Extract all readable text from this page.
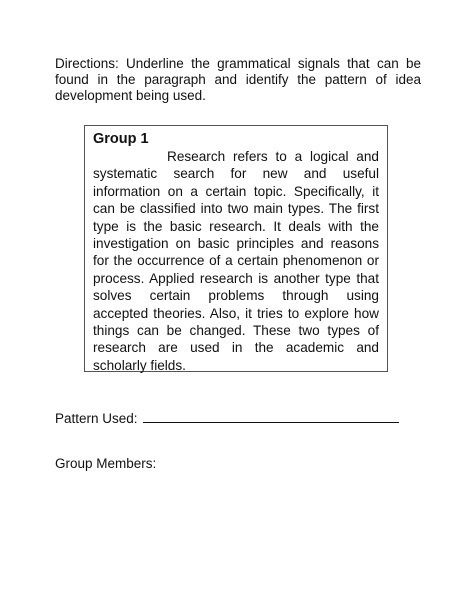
Directions: Underline the grammatical signals that can be found in the paragraph and identify the pattern of idea development being used.

Group 1

Research refers to a logical and systematic search for new and useful information on a certain topic. Specifically, it can be classified into two main types. The first type is the basic research. It deals with the investigation on basic principles and reasons for the occurrence of a certain phenomenon or process. Applied research is another type that solves certain problems through using accepted theories. Also, it tries to explore how things can be changed. These two types of research are used in the academic and scholarly fields.

Pattern Used:

Group Members:
